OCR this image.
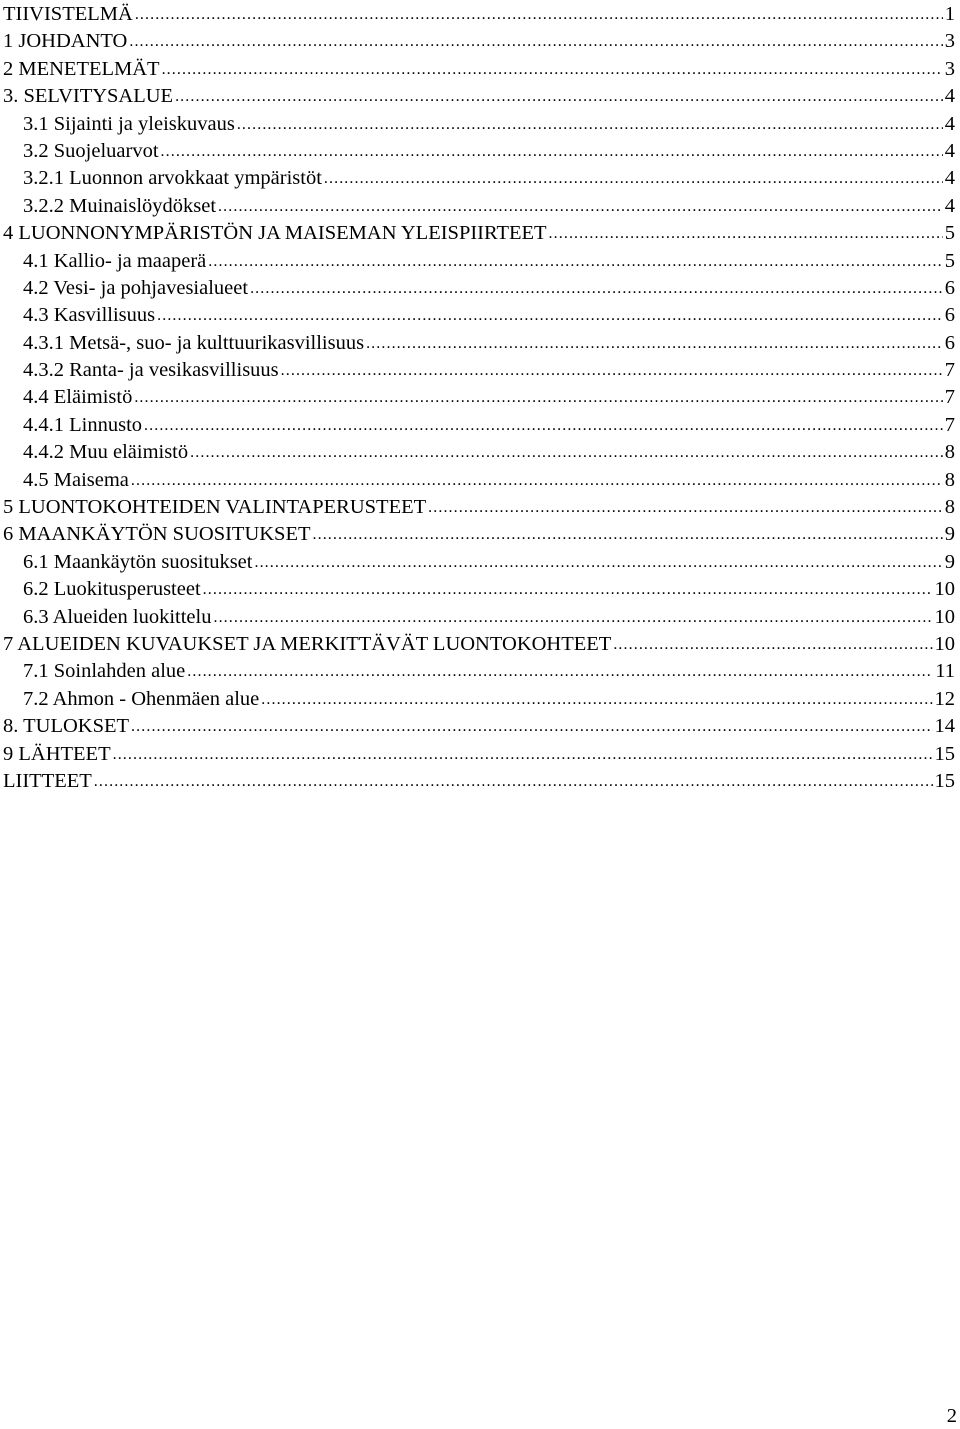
TIIVISTELMÄ .....	1
1 JOHDANTO .....	3
2 MENETELMÄT .....	3
3. SELVITYSALUE .....	4
3.1 Sijainti ja yleiskuvaus .....	4
3.2 Suojeluarvot .....	4
3.2.1 Luonnon arvokkaat ympäristöt .....	4
3.2.2 Muinaislöydökset .....	4
4 LUONNONYMPÄRISTÖN JA MAISEMAN YLEISPIIRTEET .....	5
4.1 Kallio- ja maaperä .....	5
4.2 Vesi- ja pohjavesialueet .....	6
4.3 Kasvillisuus .....	6
4.3.1 Metsä-, suo- ja kulttuurikasvillisuus .....	6
4.3.2 Ranta- ja vesikasvillisuus .....	7
4.4 Eläimistö .....	7
4.4.1 Linnusto .....	7
4.4.2 Muu eläimistö .....	8
4.5 Maisema .....	8
5 LUONTOKOHTEIDEN VALINTAPERUSTEET .....	8
6 MAANKÄYTÖN SUOSITUKSET .....	9
6.1 Maankäytön suositukset .....	9
6.2 Luokitusperusteet .....	10
6.3 Alueiden luokittelu .....	10
7 ALUEIDEN KUVAUKSET JA MERKITTÄVÄT LUONTOKOHTEET .....	10
7.1 Soinlahden alue .....	11
7.2 Ahmon - Ohenmäen alue .....	12
8. TULOKSET .....	14
9 LÄHTEET .....	15
LIITTEET .....	15
2
